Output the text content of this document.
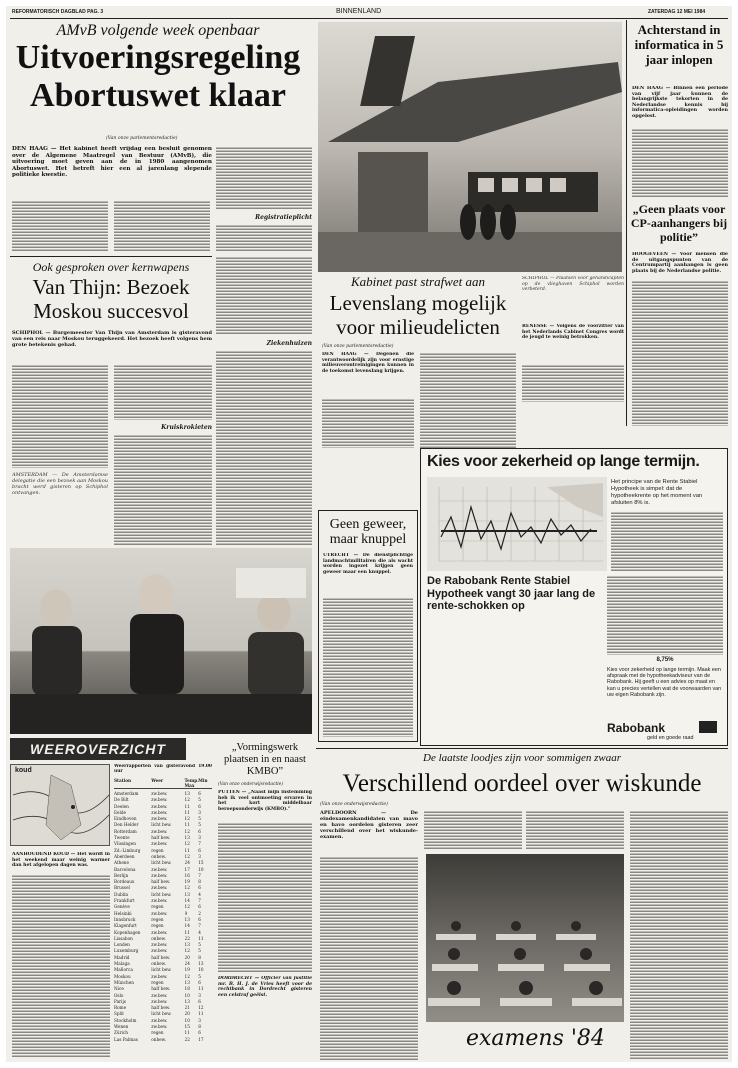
REFORMATORISCH DAGBLAD PAG. 3	BINNENLAND	ZATERDAG 12 MEI 1984
AMvB volgende week openbaar
Uitvoeringsregeling
Abortuswet klaar
(Van onze parlementsredactie)
DEN HAAG — Het kabinet heeft vrijdag een besluit genomen over de Algemene Maatregel van Bestuur (AMvB), die uitvoering moet geven aan de in 1980 aangenomen Abortuswet. Het betreft hier een al jarenlang slepende politieke kwestie.
Registratieplicht
Ziekenhuizen
Ook gesproken over kernwapens
Van Thijn: Bezoek
Moskou succesvol
SCHIPHOL — Burgemeester Van Thijn van Amsterdam is gisteravond van een reis naar Moskou teruggekeerd. Het bezoek heeft volgens hem grote betekenis gehad.
Kruiskrokieten
AMSTERDAM — De Amsterdamse delegatie die een bezoek aan Moskou bracht werd gisteren op Schiphol ontvangen.
Achterstand in informatica in 5 jaar inlopen
DEN HAAG — Binnen een periode van vijf jaar kunnen de belangrijkste tekorten in de Nederlandse kennis bij informatica-opleidingen worden opgelost.
„Geen plaats voor CP-aanhangers bij politie”
HOOGEVEEN — Voor mensen die de uitgangspunten van de Centrumpartij aanhangen is geen plaats bij de Nederlandse politie.
SCHIPHOL — Plaatsen voor gehandicapten op de vlieghaven Schiphol worden verbeterd.
RENESSE — Volgens de voorzitter van het Nederlands Cabinet Congres wordt de jeugd te weinig betrokken.
Kabinet past strafwet aan
Levenslang mogelijk
voor milieudelicten
(Van onze parlementsredactie)
DEN HAAG — Degenen die verantwoordelijk zijn voor ernstige milieuverontreinigingen kunnen in de toekomst levenslang krijgen.
Geen geweer, maar knuppel
UTRECHT — De dienstplichtige landmachtmilitairen die als wacht worden ingezet krijgen geen geweer maar een knuppel.
Kies voor zekerheid op lange termijn.
Het principe van de Rente Stabiel Hypotheek is simpel: dat de hypotheekrente op het moment van afsluiten 8% is.
De Rabobank Rente Stabiel Hypotheek vangt 30 jaar lang de rente-schokken op
8,75%
Kies voor zekerheid op lange termijn. Maak een afspraak met de hypotheekadviseur van de Rabobank. Hij geeft u een advies op maat en kan u precies vertellen wat de voorwaarden van uw eigen Rabobank zijn.
Rabobank
geld en goede raad
WEEROVERZICHT
koud
AANHOUDEND KOUD — Het wordt in het weekend maar weinig warmer dan het afgelopen dagen was.
Weerrapporten van gisteravond 19.00 uur
Station	Weer	Temp. Max
Min
Amsterdam	zw.bew.	13	6
De Bilt	zw.bew.	12	5
Deelen	zw.bew.	11	6
Eelde	zw.bew.	11	3
Eindhoven	zw.bew.	12	5
Den Helder	licht bew.	11	5
Rotterdam	zw.bew.	12	6
Twente	half bew.	13	3
Vlissingen	zw.bew.	12	7
Zd.-Limburg	regen	11	6
Aberdeen	onbew.	12	3
Athene	licht bew.	24	15
Barcelona	zw.bew.	17	10
Berlijn	zw.bew.	16	7
Bordeaux	half bew.	19	8
Brussel	zw.bew.	12	6
Dublin	licht bew.	13	4
Frankfurt	zw.bew.	14	7
Genève	regen	12	6
Helsinki	zw.bew.	9	2
Innsbruck	regen	13	6
Klagenfurt	regen	14	7
Kopenhagen	zw.bew.	11	4
Lissabon	onbew.	22	11
Londen	zw.bew.	13	5
Luxemburg	zw.bew.	12	5
Madrid	half bew.	20	8
Malaga	onbew.	24	13
Mallorca	licht bew.	19	10
Moskou	zw.bew.	12	5
München	regen	13	6
Nice	half bew.	18	11
Oslo	zw.bew.	10	3
Parijs	zw.bew.	13	6
Rome	half bew.	21	12
Split	licht bew.	20	11
Stockholm	zw.bew.	10	3
Wenen	zw.bew.	15	8
Zürich	regen	11	6
Las Palmas	onbew.	22	17
„Vormingswerk plaatsen in en naast KMBO”
(Van onze onderwijsredactie)
PUTTEN — „Naast mijn instemming heb ik veel ontmoeting ervaren in het kort middelbaar beroepsonderwijs (KMBO).”
DORDRECHT — Officier van justitie mr. B. H. J. de Vries heeft voor de rechtbank in Dordrecht gisteren een celstraf geëist.
De laatste loodjes zijn voor sommigen zwaar
Verschillend oordeel over wiskunde
(Van onze onderwijsredactie)
APELDOORN — De eindexamenkandidaten van mavo en havo oordelen gisteren zeer verschillend over het wiskunde-examen.
examens '84
